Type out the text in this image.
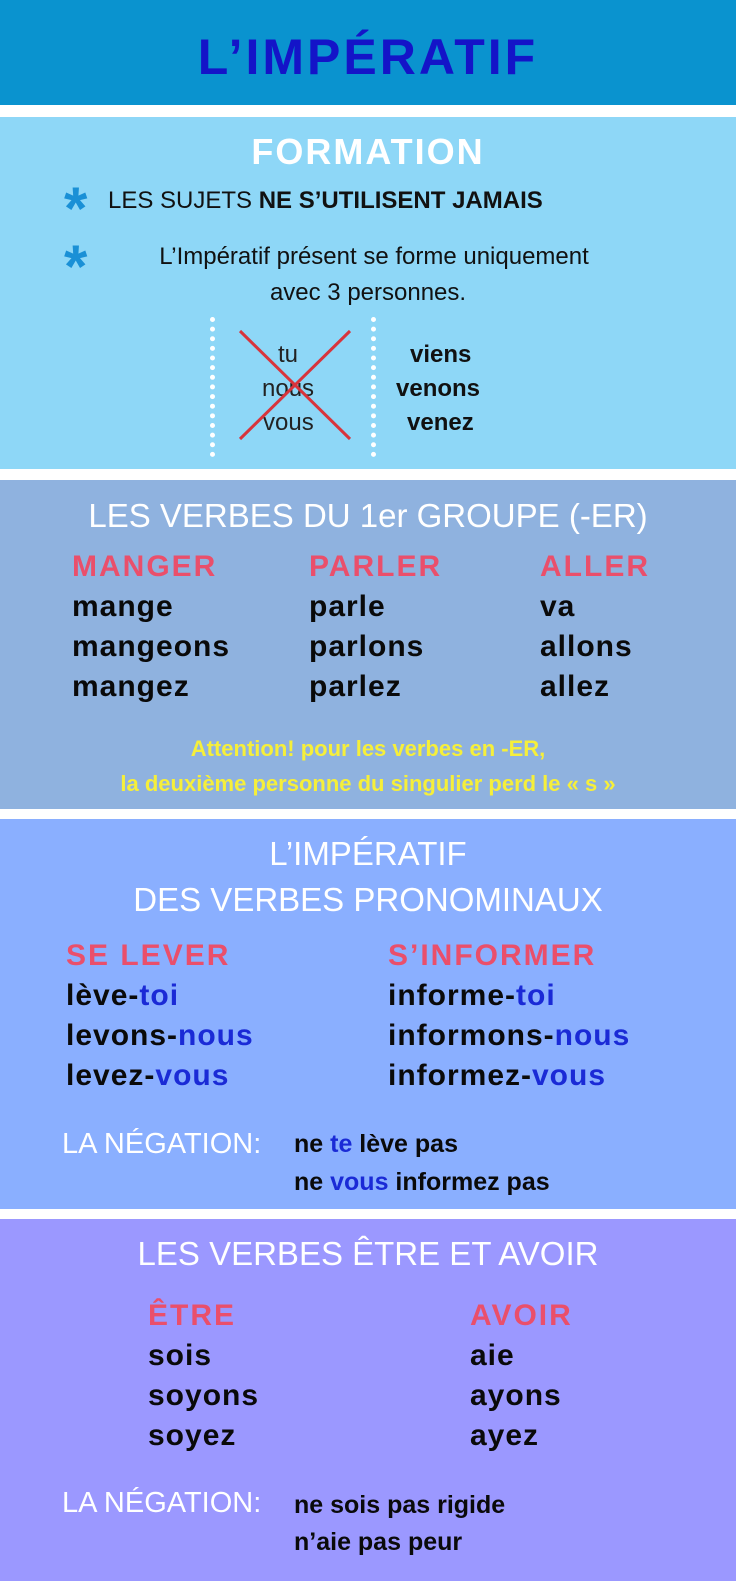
L’IMPÉRATIF
FORMATION
* LES SUJETS NE S’UTILISENT JAMAIS
*	L’Impératif présent se forme uniquement
avec 3 personnes.
tu
nous
vous
viens
venons
venez
LES VERBES DU 1er GROUPE (-ER)
MANGER
mange
mangeons
mangez
PARLER
parle
parlons
parlez
ALLER
va
allons
allez
Attention! pour les verbes en -ER,
la deuxième personne du singulier perd le « s »
L’IMPÉRATIF
DES VERBES PRONOMINAUX
SE LEVER
lève-toi
levons-nous
levez-vous
S’INFORMER
informe-toi
informons-nous
informez-vous
LA NÉGATION: ne te lève pas
ne vous informez pas
LES VERBES ÊTRE ET AVOIR
ÊTRE
sois
soyons
soyez
AVOIR
aie
ayons
ayez
LA NÉGATION: ne sois pas rigide
n’aie pas peur
